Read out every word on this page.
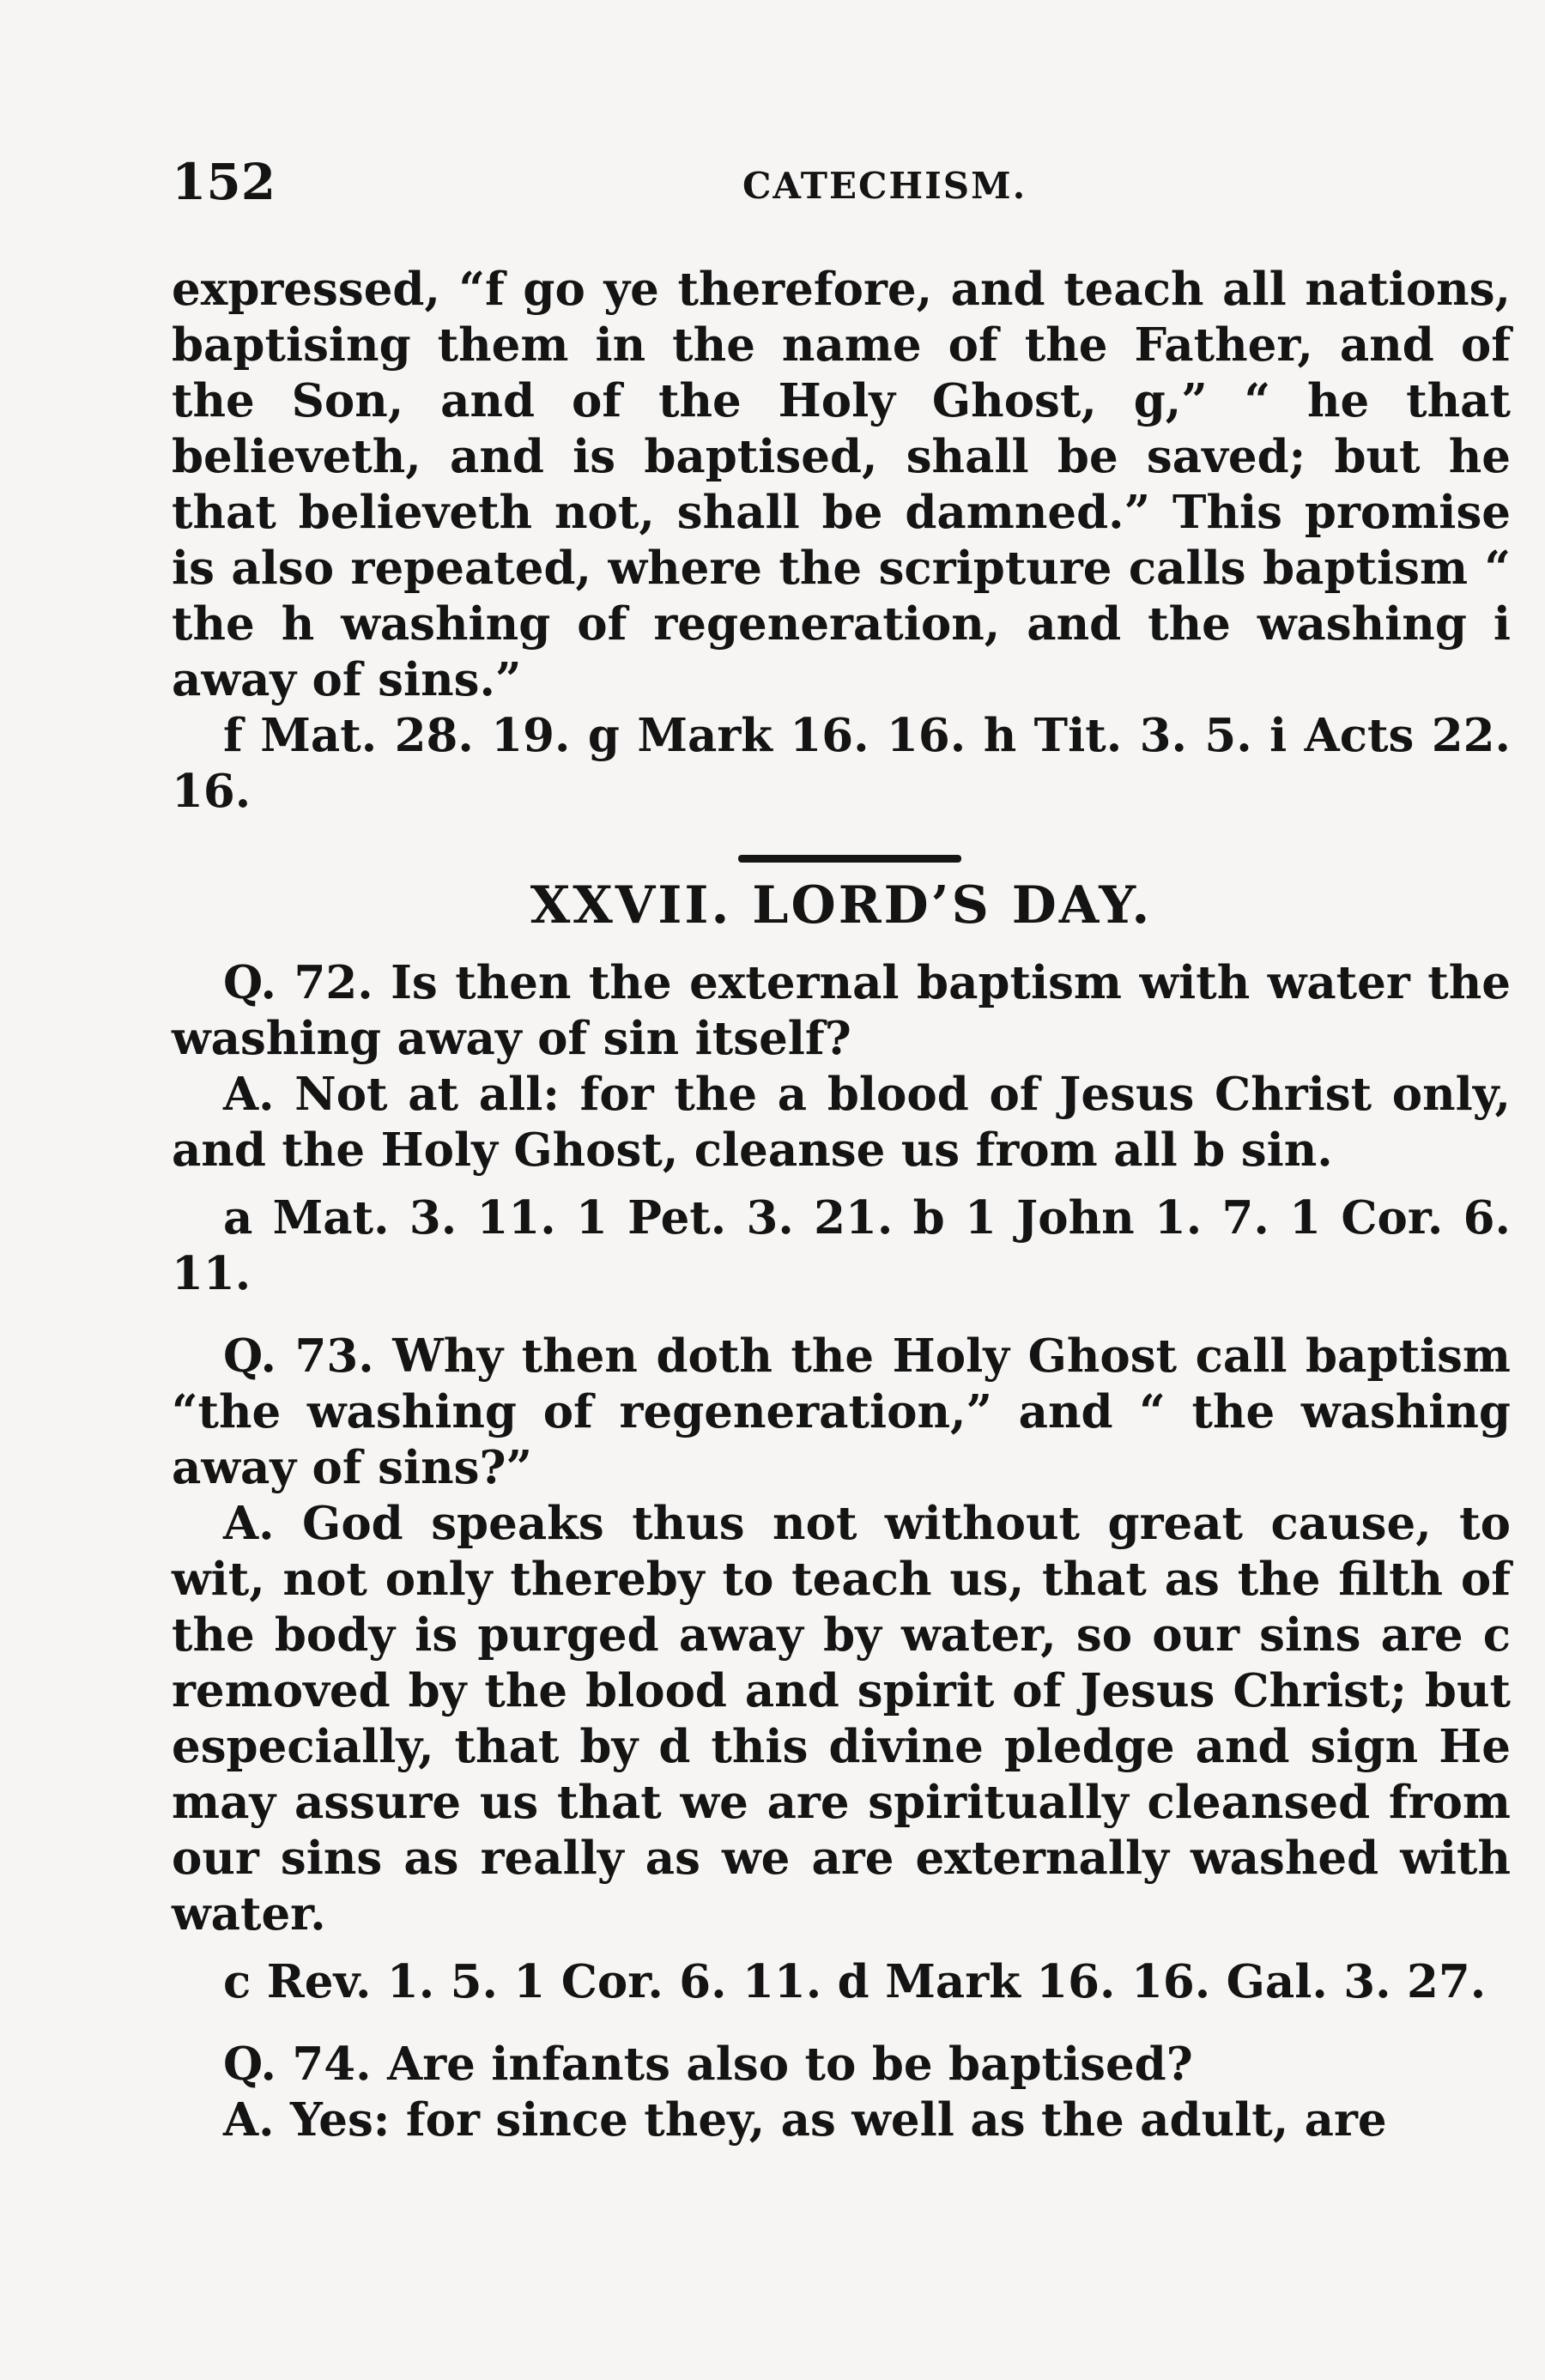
152	CATECHISM.

expressed, “f go ye therefore, and teach all nations, baptising them in the name of the Father, and of the Son, and of the Holy Ghost, g,” “ he that believeth, and is baptised, shall be saved; but he that believeth not, shall be damned.” This promise is also repeated, where the scripture calls baptism “ the h washing of regeneration, and the washing i away of sins.”

f Mat. 28. 19. g Mark 16. 16. h Tit. 3. 5. i Acts 22. 16.

XXVII. LORD’S DAY.

Q. 72. Is then the external baptism with water the washing away of sin itself?

A. Not at all: for the a blood of Jesus Christ only, and the Holy Ghost, cleanse us from all b sin.

a Mat. 3. 11. 1 Pet. 3. 21. b 1 John 1. 7. 1 Cor. 6. 11.

Q. 73. Why then doth the Holy Ghost call baptism “the washing of regeneration,” and “ the washing away of sins?”

A. God speaks thus not without great cause, to wit, not only thereby to teach us, that as the filth of the body is purged away by water, so our sins are c removed by the blood and spirit of Jesus Christ; but especially, that by d this divine pledge and sign He may assure us that we are spiritually cleansed from our sins as really as we are externally washed with water.

c Rev. 1. 5. 1 Cor. 6. 11. d Mark 16. 16. Gal. 3. 27.

Q. 74. Are infants also to be baptised?

A. Yes: for since they, as well as the adult, are
